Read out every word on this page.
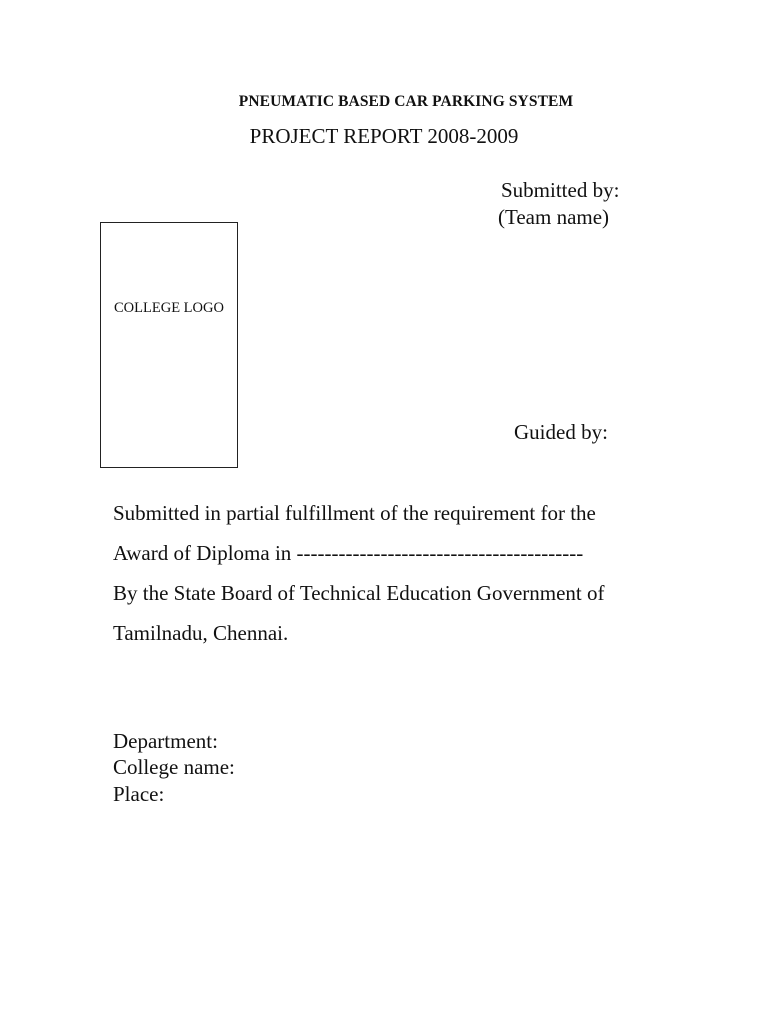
PNEUMATIC BASED CAR PARKING SYSTEM
PROJECT REPORT 2008-2009
Submitted by:
(Team name)
COLLEGE LOGO
Guided by:
Submitted in partial fulfillment of the requirement for the
Award of Diploma in -----------------------------------------
By the State Board of Technical Education Government of
Tamilnadu, Chennai.
Department:
College name:
Place:
